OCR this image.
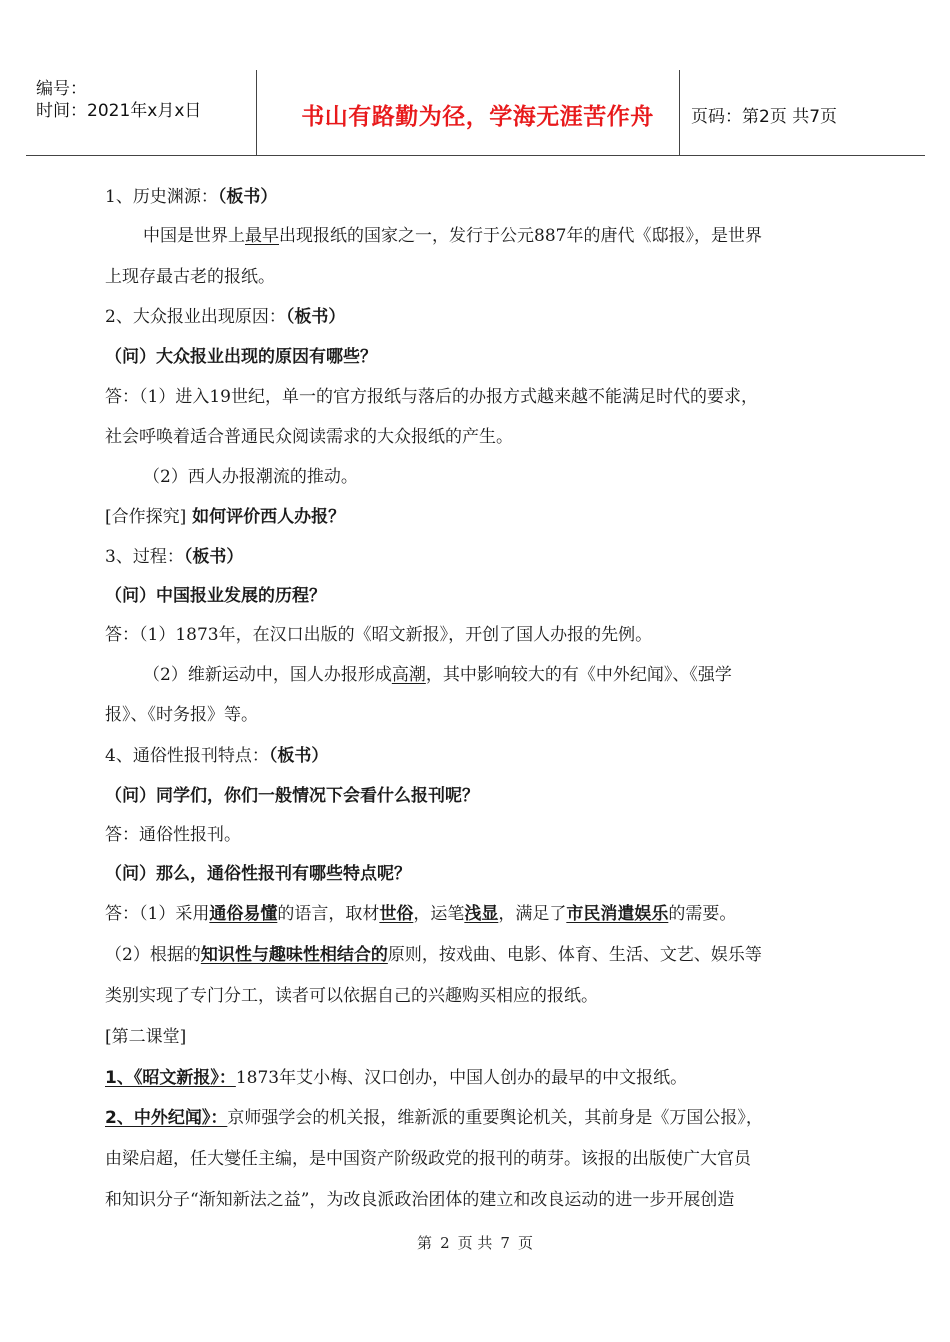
编号：
时间：2021年x月x日	书山有路勤为径，学海无涯苦作舟	页码：第2页 共7页
1、历史渊源：（板书）
中国是世界上最早出现报纸的国家之一，发行于公元887年的唐代《邸报》，是世界
上现存最古老的报纸。
2、大众报业出现原因：（板书）
（问）大众报业出现的原因有哪些？
答：（1）进入19世纪，单一的官方报纸与落后的办报方式越来越不能满足时代的要求，
社会呼唤着适合普通民众阅读需求的大众报纸的产生。
（2）西人办报潮流的推动。
[合作探究] 如何评价西人办报？
3、过程：（板书）
（问）中国报业发展的历程？
答：（1）1873年，在汉口出版的《昭文新报》，开创了国人办报的先例。
（2）维新运动中，国人办报形成高潮，其中影响较大的有《中外纪闻》、《强学
报》、《时务报》等。
4、通俗性报刊特点：（板书）
（问）同学们，你们一般情况下会看什么报刊呢？
答：通俗性报刊。
（问）那么，通俗性报刊有哪些特点呢？
答：（1）采用通俗易懂的语言，取材世俗，运笔浅显，满足了市民消遣娱乐的需要。
（2）根据的知识性与趣味性相结合的原则，按戏曲、电影、体育、生活、文艺、娱乐等
类别实现了专门分工，读者可以依据自己的兴趣购买相应的报纸。
[第二课堂]
1、《昭文新报》：1873年艾小梅、汉口创办，中国人创办的最早的中文报纸。
2、中外纪闻》：京师强学会的机关报，维新派的重要舆论机关，其前身是《万国公报》，
由梁启超，任大燮任主编，是中国资产阶级政党的报刊的萌芽。该报的出版使广大官员
和知识分子“渐知新法之益”，为改良派政治团体的建立和改良运动的进一步开展创造
第 2 页 共 7 页
